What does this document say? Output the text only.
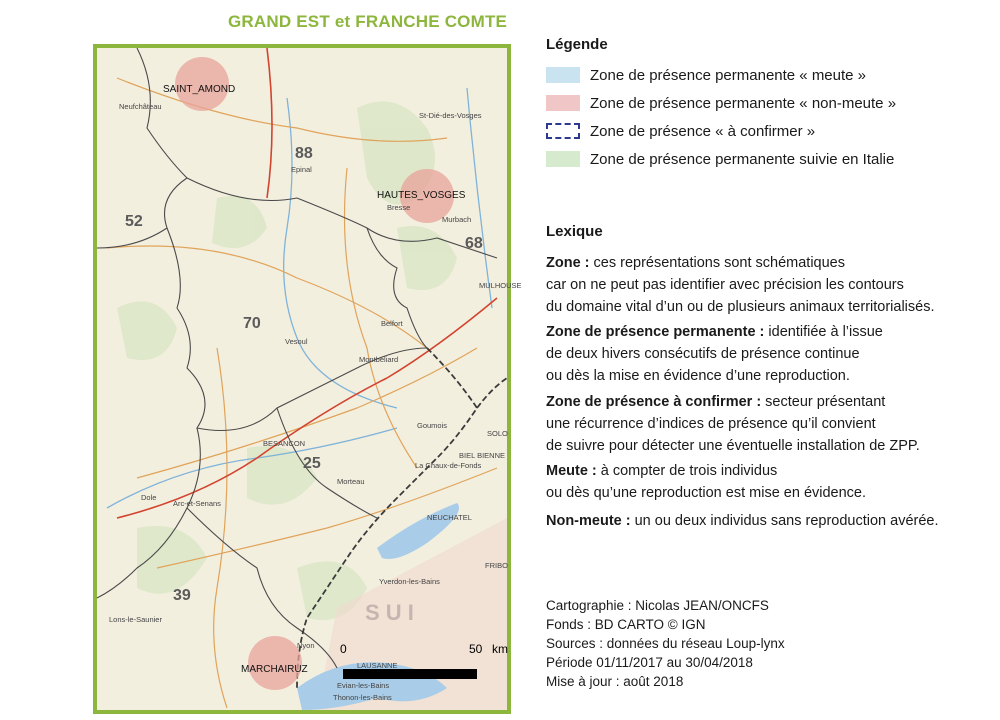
GRAND EST et FRANCHE COMTE
0	50 km
88
52
68
70
25
39
SAINT_AMOND
HAUTES_VOSGES
MARCHAIRUZ
Neufchâteau
Epinal
St-Dié-des-Vosges
Bresse
Murbach
Vesoul
Belfort
Montbéliard
BESANCON
Dole
Arc-et-Senans
Morteau
La Chaux-de-Fonds
BIEL BIENNE
NEUCHATEL
Yverdon-les-Bains
LAUSANNE
Evian-les-Bains
Thonon-les-Bains
Lons-le-Saunier
MULHOUSE
SOLO
FRIBO
Goumois
Nyon
S U I
Légende
Zone de présence permanente « meute »
Zone de présence permanente « non-meute »
Zone de présence « à confirmer »
Zone de présence permanente suivie en Italie
Lexique
Zone : ces représentations sont schématiques
car on ne peut pas identifier avec précision les contours
du domaine vital d’un ou de plusieurs animaux territorialisés.
Zone de présence permanente : identifiée à l’issue
de deux hivers consécutifs de présence continue
ou dès la mise en évidence d’une reproduction.
Zone de présence à confirmer : secteur présentant
une récurrence d’indices de présence qu’il convient
de suivre pour détecter une éventuelle installation de ZPP.
Meute : à compter de trois individus
ou dès qu’une reproduction est mise en évidence.
Non-meute : un ou deux individus sans reproduction avérée.
Cartographie : Nicolas JEAN/ONCFS
Fonds : BD CARTO © IGN
Sources : données du réseau Loup-lynx
Période 01/11/2017 au 30/04/2018
Mise à jour : août 2018
